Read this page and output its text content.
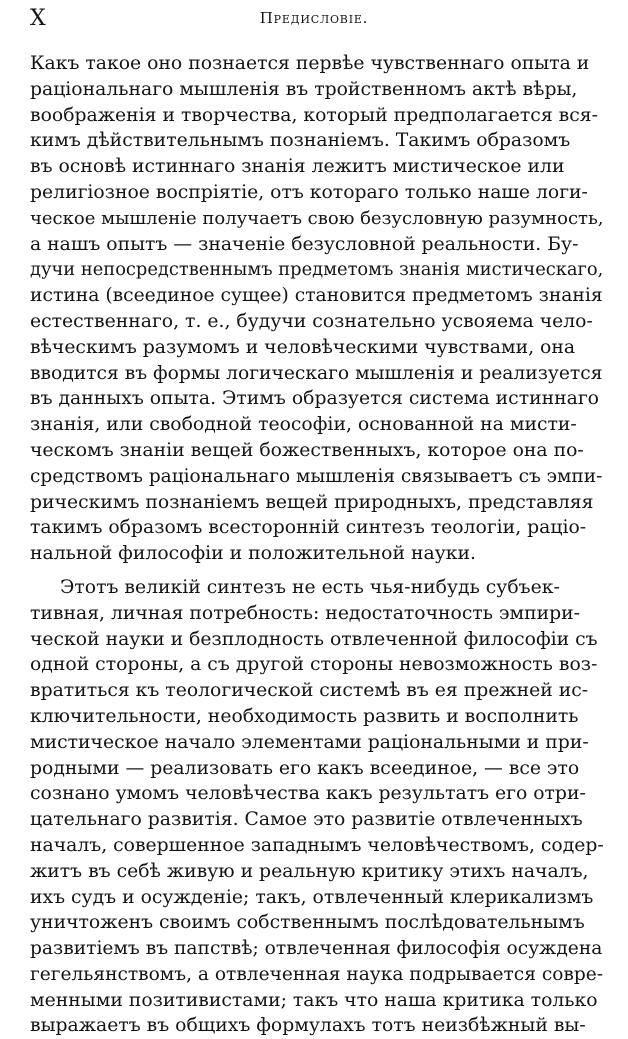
X	Предисловіе.
Какъ такое оно познается первѣе чувственнаго опыта и
раціональнаго мышленія въ тройственномъ актѣ вѣры,
воображенія и творчества, который предполагается вся-
кимъ дѣйствительнымъ познаніемъ. Такимъ образомъ
въ основѣ истиннаго знанія лежитъ мистическое или
религіозное воспріятіе, отъ котораго только наше логи-
ческое мышленіе получаетъ свою безусловную разумность,
а нашъ опытъ — значеніе безусловной реальности. Бу-
дучи непосредственнымъ предметомъ знанія мистическаго,
истина (всеединое сущее) становится предметомъ знанія
естественнаго, т. е., будучи сознательно усвояема чело-
вѣческимъ разумомъ и человѣческими чувствами, она
вводится въ формы логическаго мышленія и реализуется
въ данныхъ опыта. Этимъ образуется система истиннаго
знанія, или свободной теософіи, основанной на мисти-
ческомъ знаніи вещей божественныхъ, которое она по-
средствомъ раціональнаго мышленія связываетъ съ эмпи-
рическимъ познаніемъ вещей природныхъ, представляя
такимъ образомъ всесторонній синтезъ теологіи, раціо-
нальной философіи и положительной науки.
Этотъ великій синтезъ не есть чья-нибудь субъек-
тивная, личная потребность: недостаточность эмпири-
ческой науки и безплодность отвлеченной философіи съ
одной стороны, а съ другой стороны невозможность воз-
вратиться къ теологической системѣ въ ея прежней ис-
ключительности, необходимость развить и восполнить
мистическое начало элементами раціональными и при-
родными — реализовать его какъ всеединое, — все это
сознано умомъ человѣчества какъ результатъ его отри-
цательнаго развитія. Самое это развитіе отвлеченныхъ
началъ, совершенное западнымъ человѣчествомъ, содер-
житъ въ себѣ живую и реальную критику этихъ началъ,
ихъ судъ и осужденіе; такъ, отвлеченный клерикализмъ
уничтоженъ своимъ собственнымъ послѣдовательнымъ
развитіемъ въ папствѣ; отвлеченная философія осуждена
гегельянствомъ, а отвлеченная наука подрывается совре-
менными позитивистами; такъ что наша критика только
выражаетъ въ общихъ формулахъ тотъ неизбѣжный вы-
